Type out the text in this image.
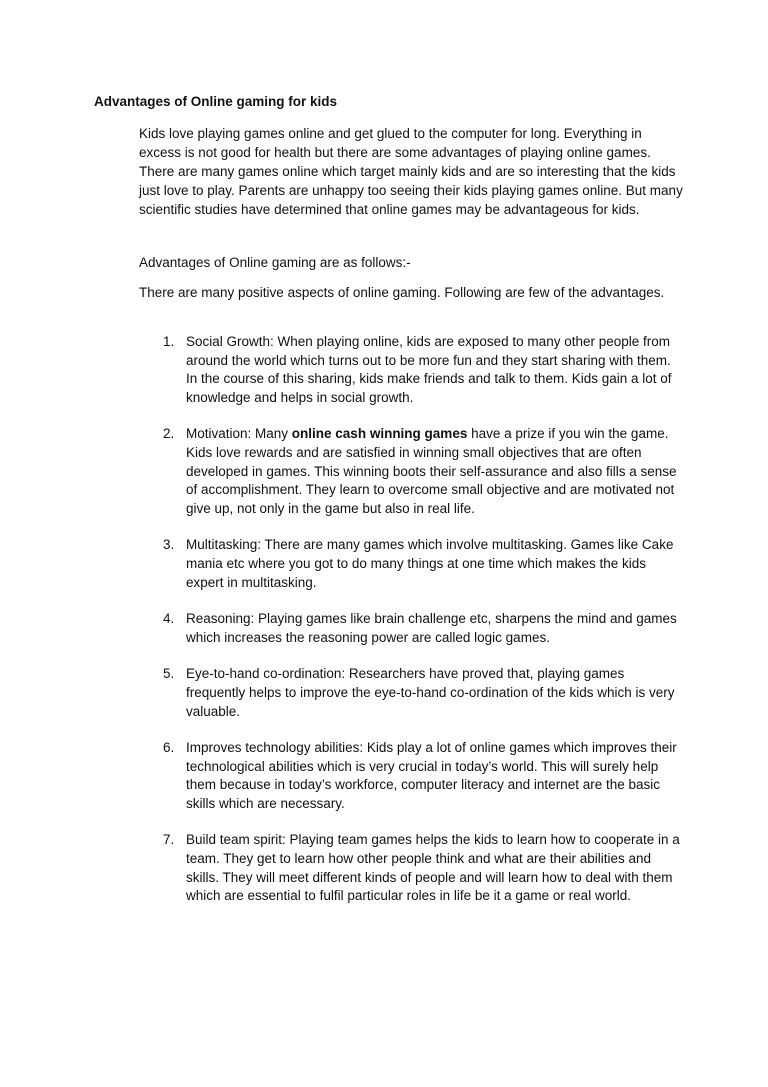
Advantages of Online gaming for kids

Kids love playing games online and get glued to the computer for long. Everything in excess is not good for health but there are some advantages of playing online games. There are many games online which target mainly kids and are so interesting that the kids just love to play. Parents are unhappy too seeing their kids playing games online. But many scientific studies have determined that online games may be advantageous for kids.

Advantages of Online gaming are as follows:-

There are many positive aspects of online gaming. Following are few of the advantages.

1. Social Growth: When playing online, kids are exposed to many other people from around the world which turns out to be more fun and they start sharing with them. In the course of this sharing, kids make friends and talk to them. Kids gain a lot of knowledge and helps in social growth.
2. Motivation: Many online cash winning games have a prize if you win the game. Kids love rewards and are satisfied in winning small objectives that are often developed in games. This winning boots their self-assurance and also fills a sense of accomplishment. They learn to overcome small objective and are motivated not give up, not only in the game but also in real life.
3. Multitasking: There are many games which involve multitasking. Games like Cake mania etc where you got to do many things at one time which makes the kids expert in multitasking.
4. Reasoning: Playing games like brain challenge etc, sharpens the mind and games which increases the reasoning power are called logic games.
5. Eye-to-hand co-ordination: Researchers have proved that, playing games frequently helps to improve the eye-to-hand co-ordination of the kids which is very valuable.
6. Improves technology abilities: Kids play a lot of online games which improves their technological abilities which is very crucial in today’s world. This will surely help them because in today’s workforce, computer literacy and internet are the basic skills which are necessary.
7. Build team spirit: Playing team games helps the kids to learn how to cooperate in a team. They get to learn how other people think and what are their abilities and skills. They will meet different kinds of people and will learn how to deal with them which are essential to fulfil particular roles in life be it a game or real world.
